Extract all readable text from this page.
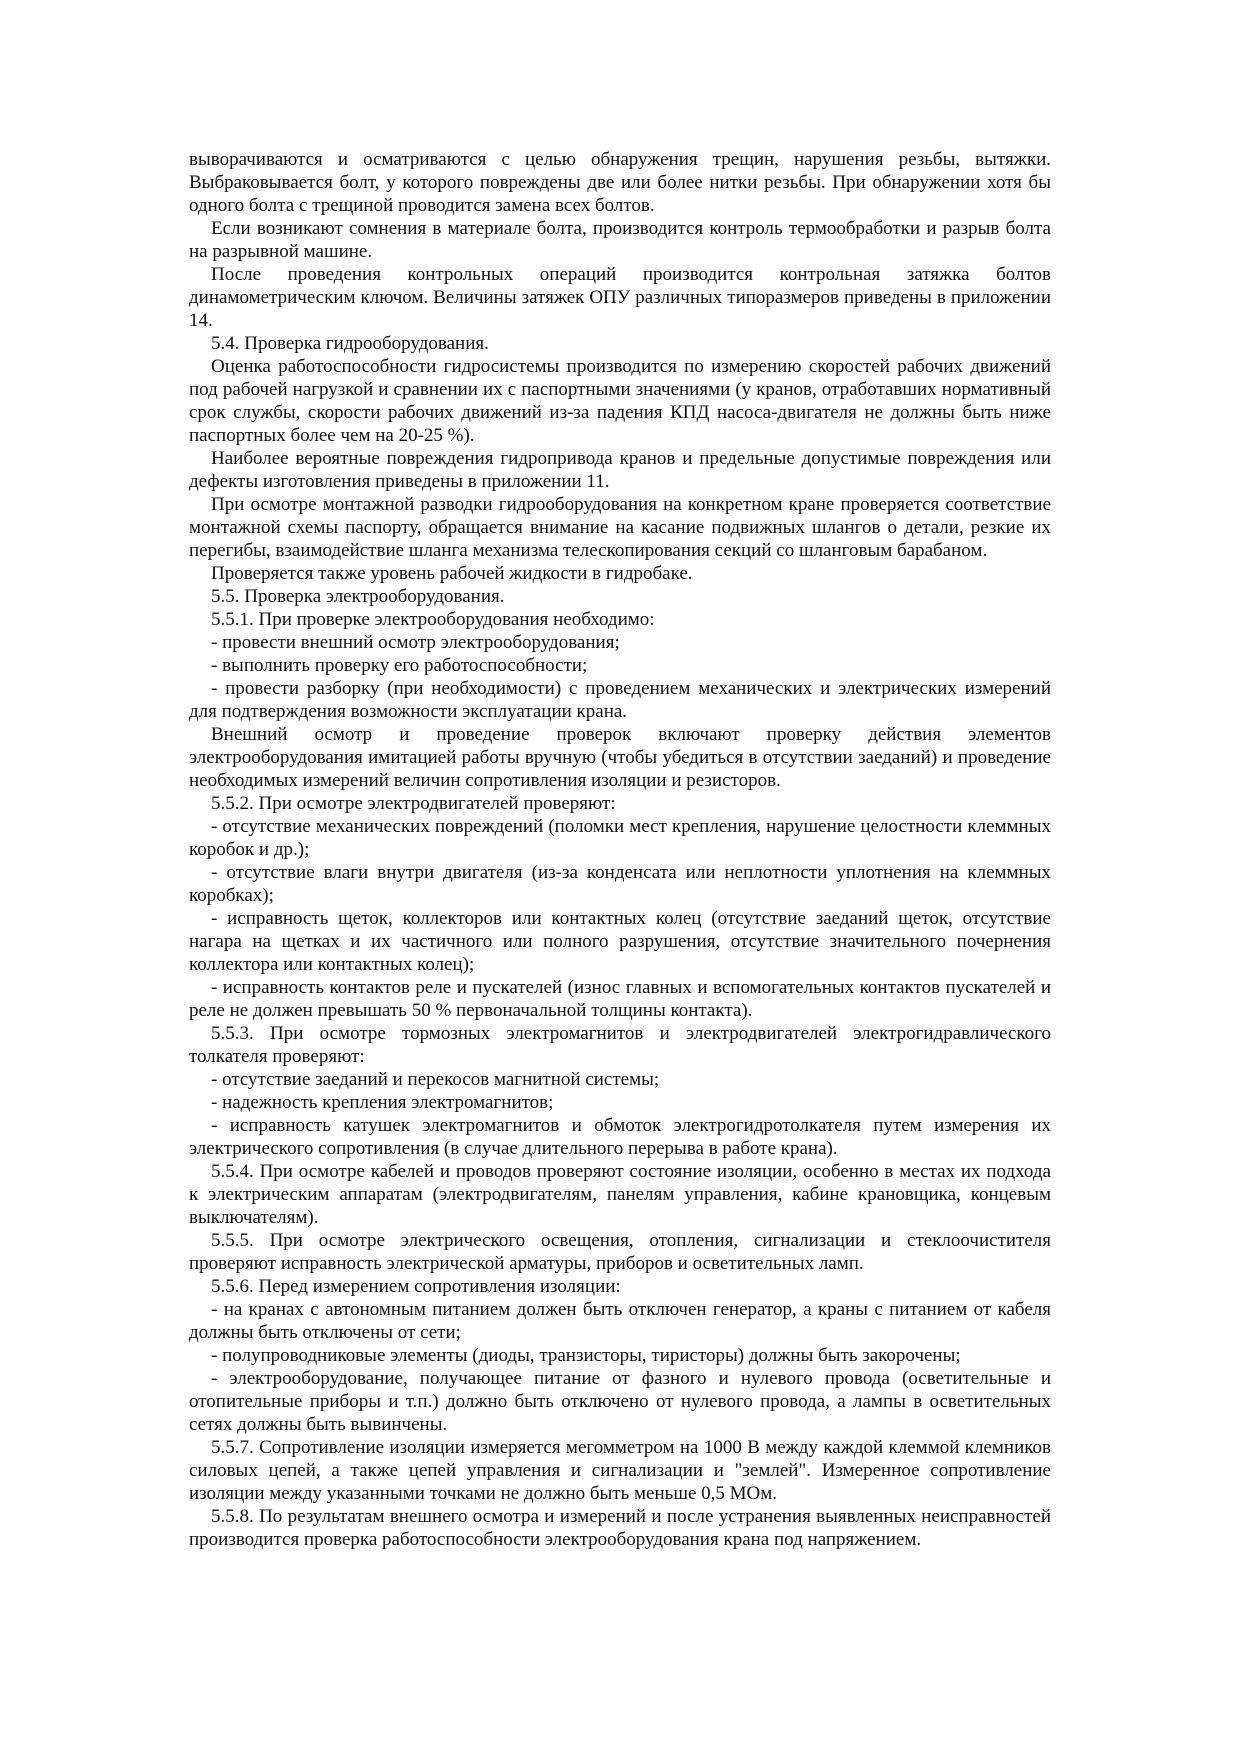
выворачиваются и осматриваются с целью обнаружения трещин, нарушения резьбы, вытяжки. Выбраковывается болт, у которого повреждены две или более нитки резьбы. При обнаружении хотя бы одного болта с трещиной проводится замена всех болтов.

Если возникают сомнения в материале болта, производится контроль термообработки и разрыв болта на разрывной машине.

После проведения контрольных операций производится контрольная затяжка болтов динамометрическим ключом. Величины затяжек ОПУ различных типоразмеров приведены в приложении 14.

5.4. Проверка гидрооборудования.

Оценка работоспособности гидросистемы производится по измерению скоростей рабочих движений под рабочей нагрузкой и сравнении их с паспортными значениями (у кранов, отработавших нормативный срок службы, скорости рабочих движений из-за падения КПД насоса-двигателя не должны быть ниже паспортных более чем на 20-25 %).

Наиболее вероятные повреждения гидропривода кранов и предельные допустимые повреждения или дефекты изготовления приведены в приложении 11.

При осмотре монтажной разводки гидрооборудования на конкретном кране проверяется соответствие монтажной схемы паспорту, обращается внимание на касание подвижных шлангов о детали, резкие их перегибы, взаимодействие шланга механизма телескопирования секций со шланговым барабаном.

Проверяется также уровень рабочей жидкости в гидробаке.

5.5. Проверка электрооборудования.

5.5.1. При проверке электрооборудования необходимо:

- провести внешний осмотр электрооборудования;

- выполнить проверку его работоспособности;

- провести разборку (при необходимости) с проведением механических и электрических измерений для подтверждения возможности эксплуатации крана.

Внешний осмотр и проведение проверок включают проверку действия элементов электрооборудования имитацией работы вручную (чтобы убедиться в отсутствии заеданий) и проведение необходимых измерений величин сопротивления изоляции и резисторов.

5.5.2. При осмотре электродвигателей проверяют:

- отсутствие механических повреждений (поломки мест крепления, нарушение целостности клеммных коробок и др.);

- отсутствие влаги внутри двигателя (из-за конденсата или неплотности уплотнения на клеммных коробках);

- исправность щеток, коллекторов или контактных колец (отсутствие заеданий щеток, отсутствие нагара на щетках и их частичного или полного разрушения, отсутствие значительного почернения коллектора или контактных колец);

- исправность контактов реле и пускателей (износ главных и вспомогательных контактов пускателей и реле не должен превышать 50 % первоначальной толщины контакта).

5.5.3. При осмотре тормозных электромагнитов и электродвигателей электрогидравлического толкателя проверяют:

- отсутствие заеданий и перекосов магнитной системы;

- надежность крепления электромагнитов;

- исправность катушек электромагнитов и обмоток электрогидротолкателя путем измерения их электрического сопротивления (в случае длительного перерыва в работе крана).

5.5.4. При осмотре кабелей и проводов проверяют состояние изоляции, особенно в местах их подхода к электрическим аппаратам (электродвигателям, панелям управления, кабине крановщика, концевым выключателям).

5.5.5. При осмотре электрического освещения, отопления, сигнализации и стеклоочистителя проверяют исправность электрической арматуры, приборов и осветительных ламп.

5.5.6. Перед измерением сопротивления изоляции:

- на кранах с автономным питанием должен быть отключен генератор, а краны с питанием от кабеля должны быть отключены от сети;

- полупроводниковые элементы (диоды, транзисторы, тиристоры) должны быть закорочены;

- электрооборудование, получающее питание от фазного и нулевого провода (осветительные и отопительные приборы и т.п.) должно быть отключено от нулевого провода, а лампы в осветительных сетях должны быть вывинчены.

5.5.7. Сопротивление изоляции измеряется мегомметром на 1000 В между каждой клеммой клемников силовых цепей, а также цепей управления и сигнализации и "землей". Измеренное сопротивление изоляции между указанными точками не должно быть меньше 0,5 МОм.

5.5.8. По результатам внешнего осмотра и измерений и после устранения выявленных неисправностей производится проверка работоспособности электрооборудования крана под напряжением.
